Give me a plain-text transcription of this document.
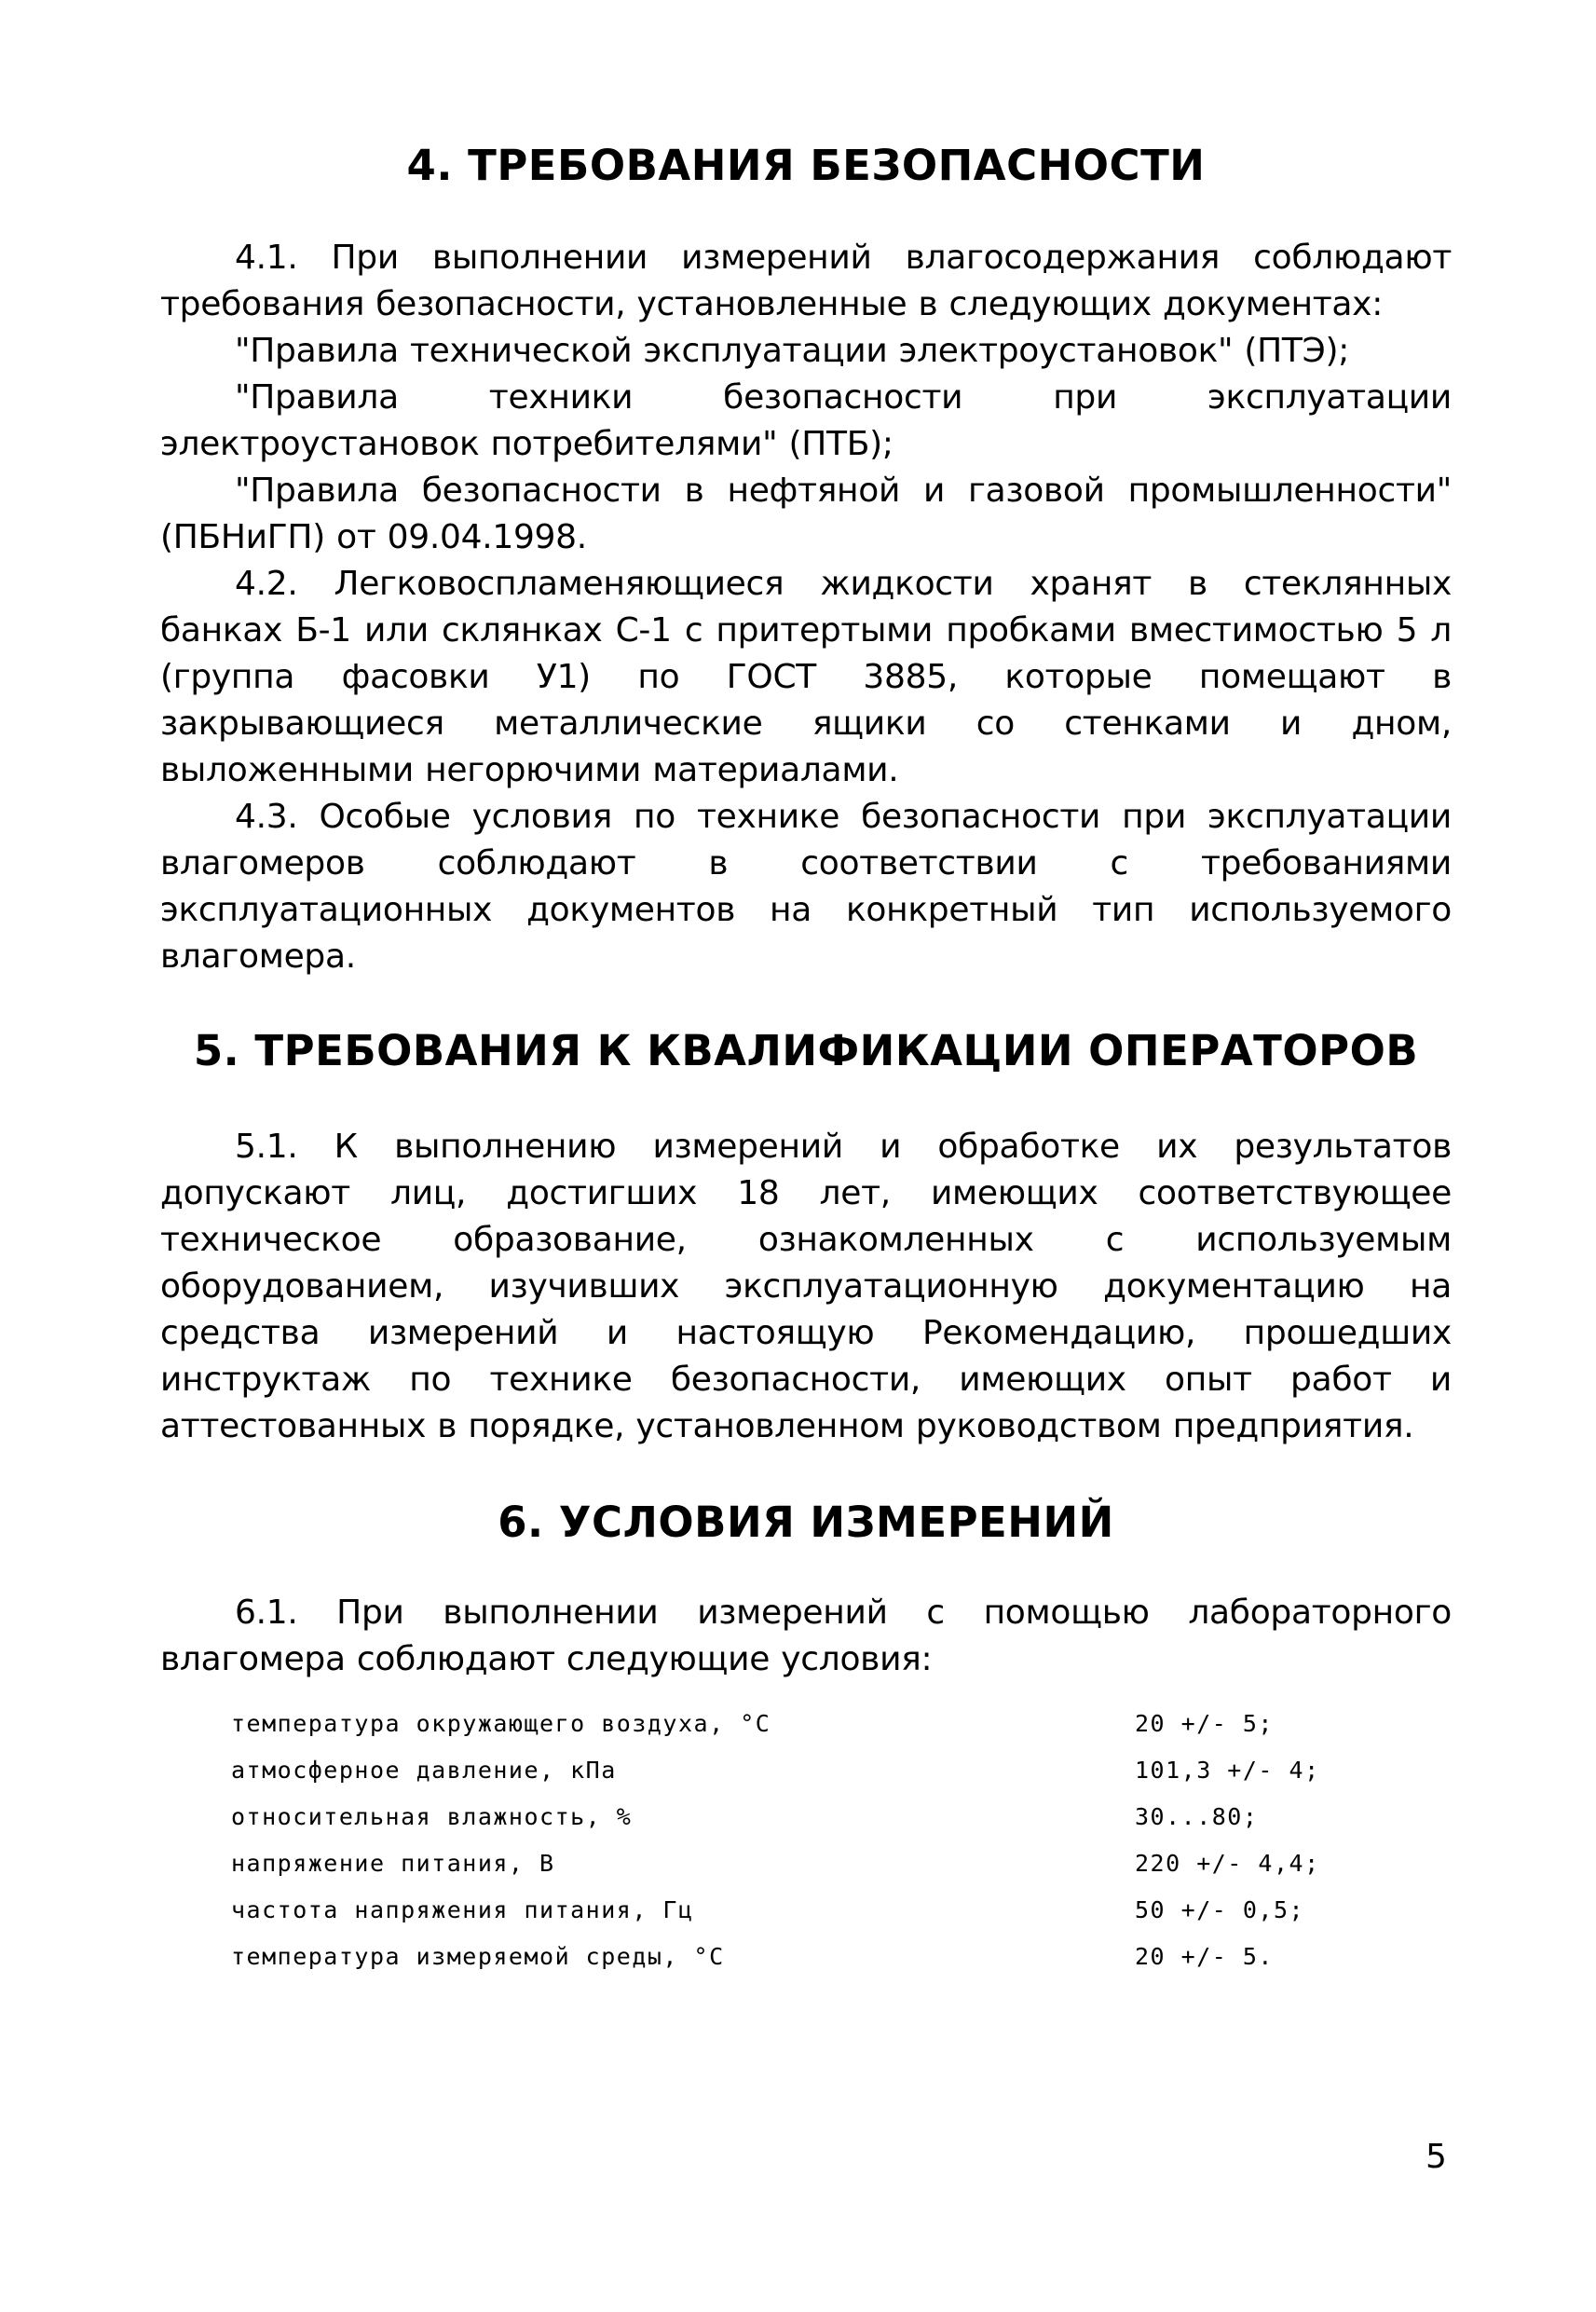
4. ТРЕБОВАНИЯ БЕЗОПАСНОСТИ

4.1. При выполнении измерений влагосодержания соблюдают требования безопасности, установленные в следующих документах:

"Правила технической эксплуатации электроустановок" (ПТЭ);

"Правила техники безопасности при эксплуатации электроустановок потребителями" (ПТБ);

"Правила безопасности в нефтяной и газовой промышленности" (ПБНиГП) от 09.04.1998.

4.2. Легковоспламеняющиеся жидкости хранят в стеклянных банках Б-1 или склянках С-1 с притертыми пробками вместимостью 5 л (группа фасовки У1) по ГОСТ 3885, которые помещают в закрывающиеся металлические ящики со стенками и дном, выложенными негорючими материалами.

4.3. Особые условия по технике безопасности при эксплуатации влагомеров соблюдают в соответствии с требованиями эксплуатационных документов на конкретный тип используемого влагомера.

5. ТРЕБОВАНИЯ К КВАЛИФИКАЦИИ ОПЕРАТОРОВ

5.1. К выполнению измерений и обработке их результатов допускают лиц, достигших 18 лет, имеющих соответствующее техническое образование, ознакомленных с используемым оборудованием, изучивших эксплуатационную документацию на средства измерений и настоящую Рекомендацию, прошедших инструктаж по технике безопасности, имеющих опыт работ и аттестованных в порядке, установленном руководством предприятия.

6. УСЛОВИЯ ИЗМЕРЕНИЙ

6.1. При выполнении измерений с помощью лабораторного влагомера соблюдают следующие условия:

температура окружающего воздуха, °C	20 +/- 5;
атмосферное давление, кПа	101,3 +/- 4;
относительная влажность, %	30...80;
напряжение питания, В	220 +/- 4,4;
частота напряжения питания, Гц	50 +/- 0,5;
температура измеряемой среды, °C	20 +/- 5.
5
